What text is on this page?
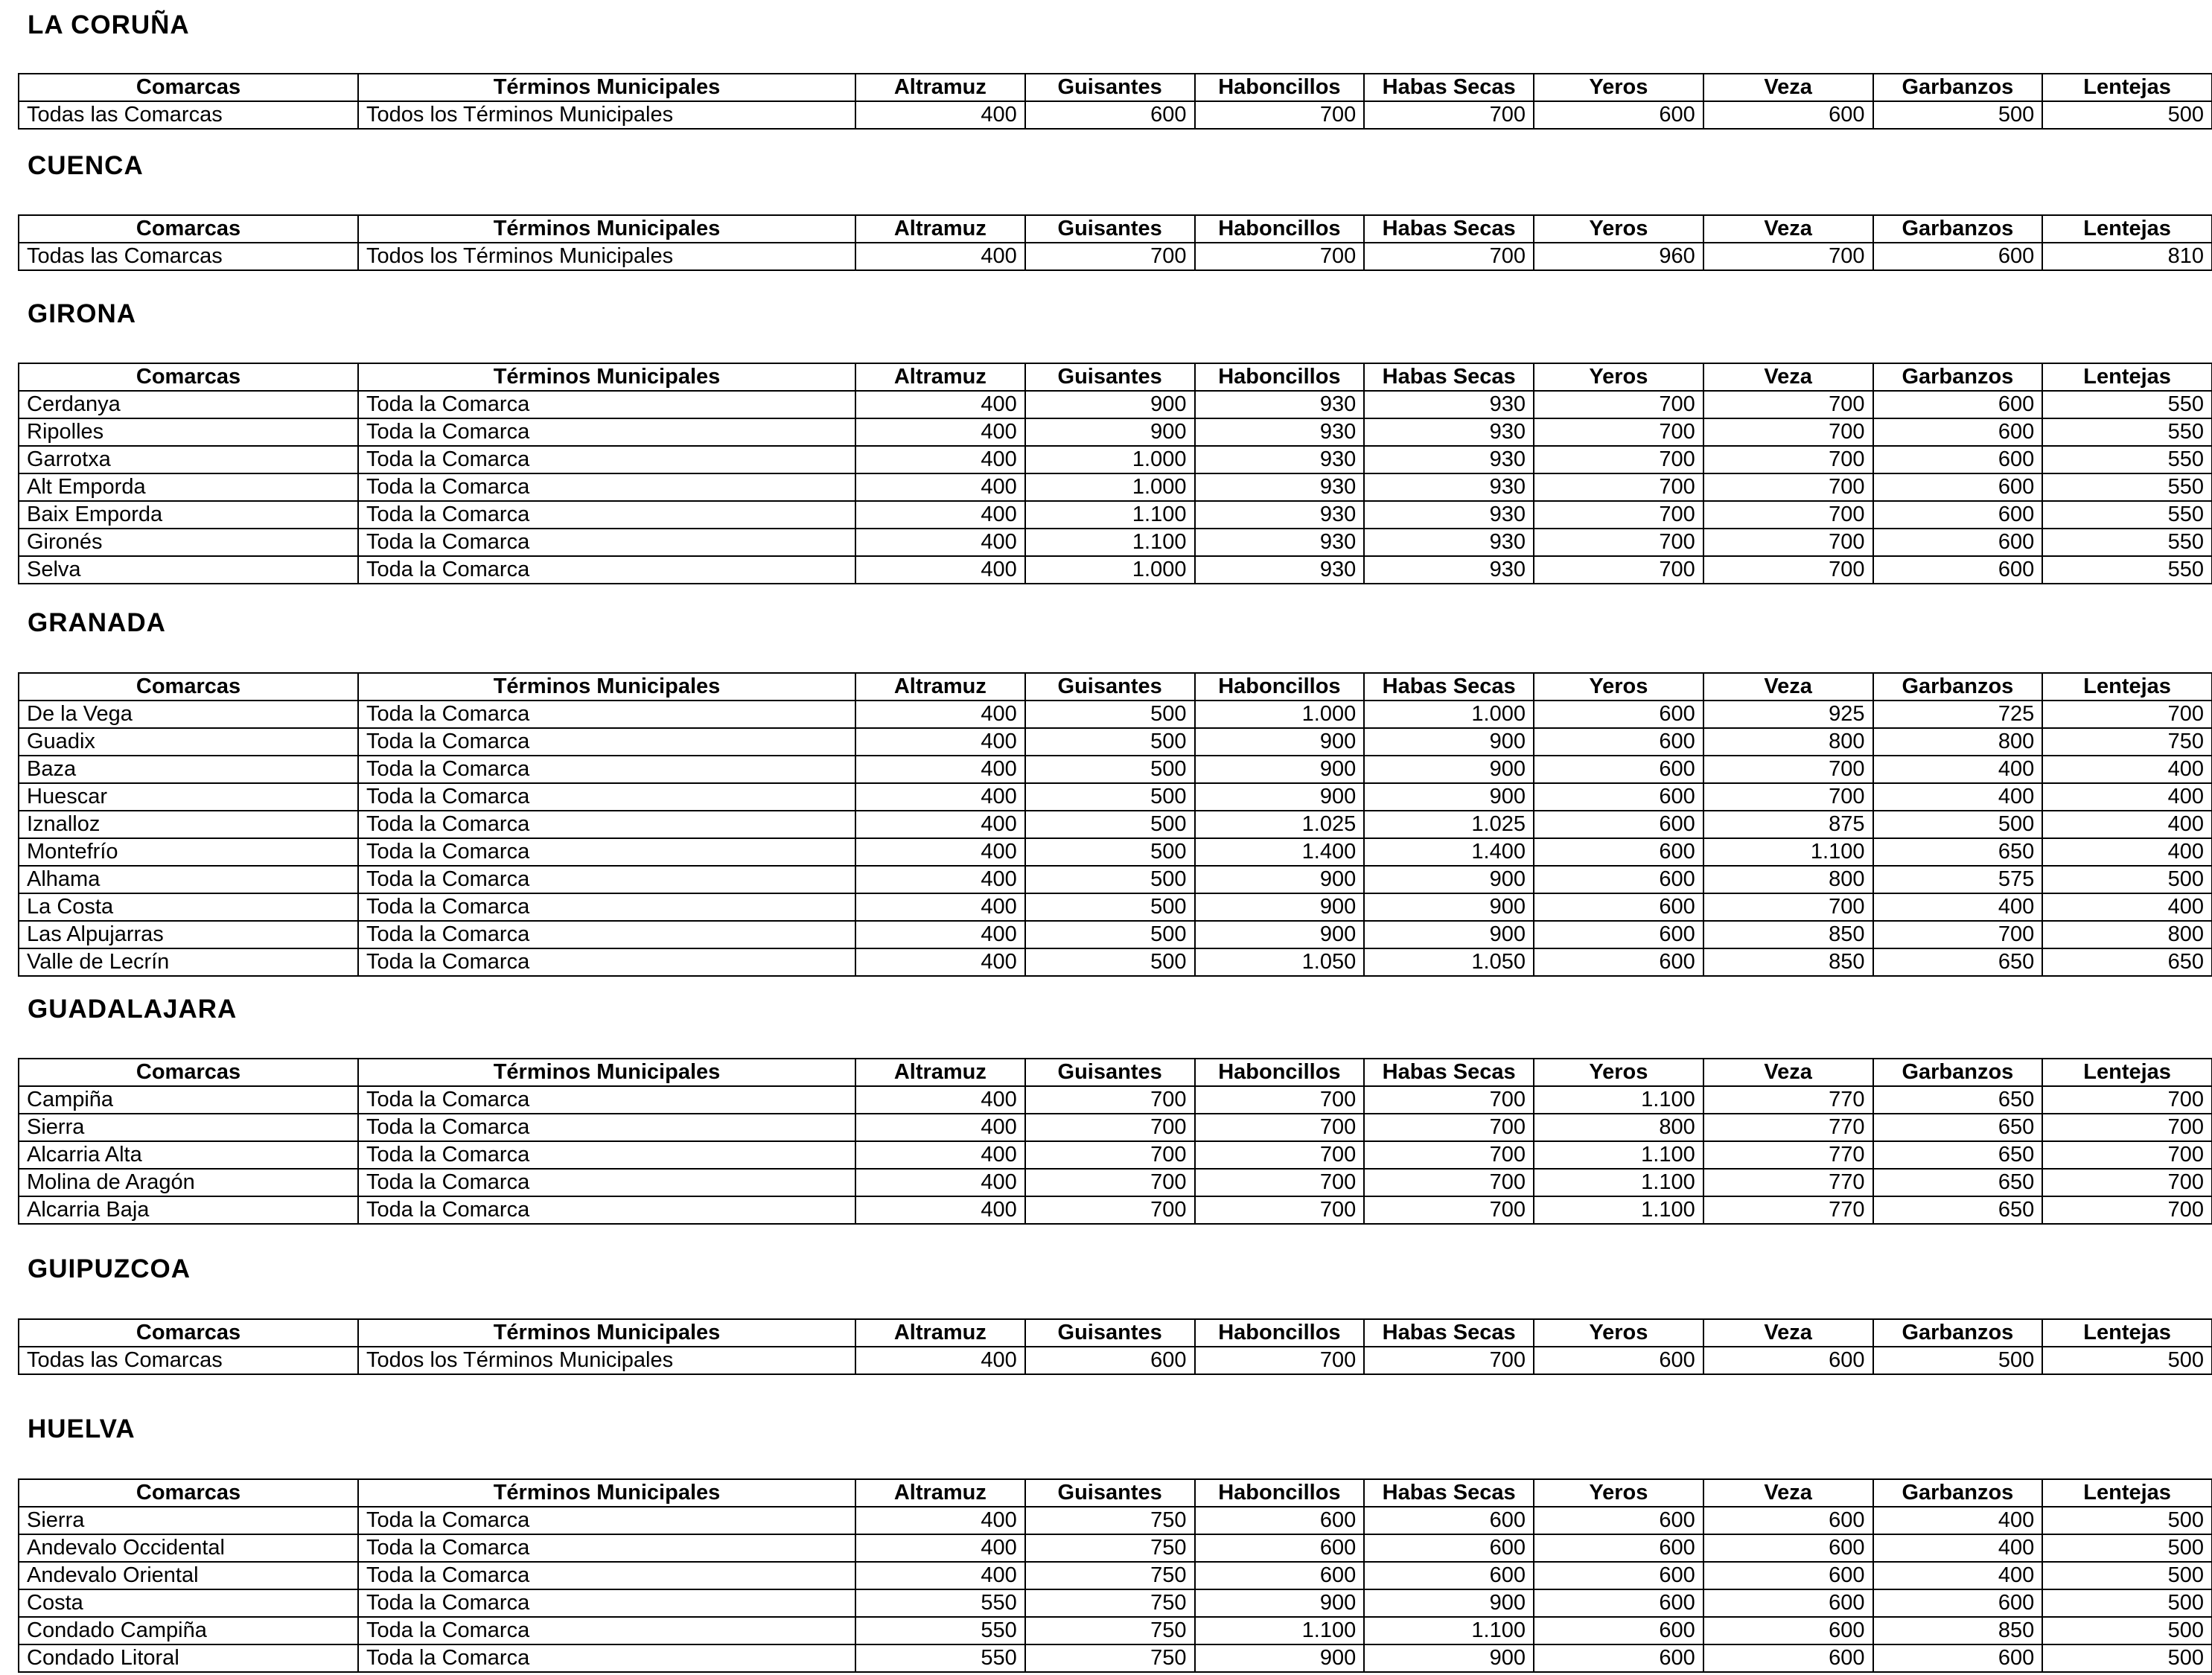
LA CORUÑA
Comarcas	Términos Municipales	Altramuz	Guisantes	Haboncillos	Habas Secas	Yeros	Veza	Garbanzos	Lentejas
Todas las Comarcas	Todos los Términos Municipales	400	600	700	700	600	600	500	500
CUENCA
Comarcas	Términos Municipales	Altramuz	Guisantes	Haboncillos	Habas Secas	Yeros	Veza	Garbanzos	Lentejas
Todas las Comarcas	Todos los Términos Municipales	400	700	700	700	960	700	600	810
GIRONA
Comarcas	Términos Municipales	Altramuz	Guisantes	Haboncillos	Habas Secas	Yeros	Veza	Garbanzos	Lentejas
Cerdanya	Toda la Comarca	400	900	930	930	700	700	600	550
Ripolles	Toda la Comarca	400	900	930	930	700	700	600	550
Garrotxa	Toda la Comarca	400	1.000	930	930	700	700	600	550
Alt Emporda	Toda la Comarca	400	1.000	930	930	700	700	600	550
Baix Emporda	Toda la Comarca	400	1.100	930	930	700	700	600	550
Gironés	Toda la Comarca	400	1.100	930	930	700	700	600	550
Selva	Toda la Comarca	400	1.000	930	930	700	700	600	550
GRANADA
Comarcas	Términos Municipales	Altramuz	Guisantes	Haboncillos	Habas Secas	Yeros	Veza	Garbanzos	Lentejas
De la Vega	Toda la Comarca	400	500	1.000	1.000	600	925	725	700
Guadix	Toda la Comarca	400	500	900	900	600	800	800	750
Baza	Toda la Comarca	400	500	900	900	600	700	400	400
Huescar	Toda la Comarca	400	500	900	900	600	700	400	400
Iznalloz	Toda la Comarca	400	500	1.025	1.025	600	875	500	400
Montefrío	Toda la Comarca	400	500	1.400	1.400	600	1.100	650	400
Alhama	Toda la Comarca	400	500	900	900	600	800	575	500
La Costa	Toda la Comarca	400	500	900	900	600	700	400	400
Las Alpujarras	Toda la Comarca	400	500	900	900	600	850	700	800
Valle de Lecrín	Toda la Comarca	400	500	1.050	1.050	600	850	650	650
GUADALAJARA
Comarcas	Términos Municipales	Altramuz	Guisantes	Haboncillos	Habas Secas	Yeros	Veza	Garbanzos	Lentejas
Campiña	Toda la Comarca	400	700	700	700	1.100	770	650	700
Sierra	Toda la Comarca	400	700	700	700	800	770	650	700
Alcarria Alta	Toda la Comarca	400	700	700	700	1.100	770	650	700
Molina de Aragón	Toda la Comarca	400	700	700	700	1.100	770	650	700
Alcarria Baja	Toda la Comarca	400	700	700	700	1.100	770	650	700
GUIPUZCOA
Comarcas	Términos Municipales	Altramuz	Guisantes	Haboncillos	Habas Secas	Yeros	Veza	Garbanzos	Lentejas
Todas las Comarcas	Todos los Términos Municipales	400	600	700	700	600	600	500	500
HUELVA
Comarcas	Términos Municipales	Altramuz	Guisantes	Haboncillos	Habas Secas	Yeros	Veza	Garbanzos	Lentejas
Sierra	Toda la Comarca	400	750	600	600	600	600	400	500
Andevalo Occidental	Toda la Comarca	400	750	600	600	600	600	400	500
Andevalo Oriental	Toda la Comarca	400	750	600	600	600	600	400	500
Costa	Toda la Comarca	550	750	900	900	600	600	600	500
Condado Campiña	Toda la Comarca	550	750	1.100	1.100	600	600	850	500
Condado Litoral	Toda la Comarca	550	750	900	900	600	600	600	500
